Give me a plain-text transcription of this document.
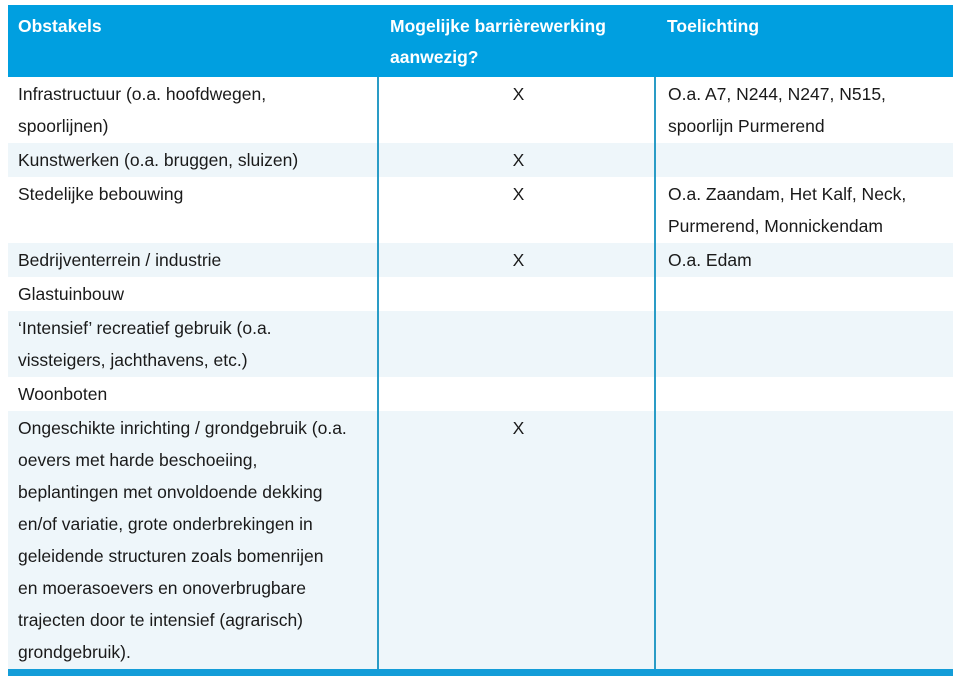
Obstakels	Mogelijke barrièrewerking aanwezig?	Toelichting
Infrastructuur (o.a. hoofdwegen, spoorlijnen)	X	O.a. A7, N244, N247, N515, spoorlijn Purmerend
Kunstwerken (o.a. bruggen, sluizen)	X	
Stedelijke bebouwing	X	O.a. Zaandam, Het Kalf, Neck, Purmerend, Monnickendam
Bedrijventerrein / industrie	X	O.a. Edam
Glastuinbouw		
‘Intensief’ recreatief gebruik (o.a. vissteigers, jachthavens, etc.)		
Woonboten		
Ongeschikte inrichting / grondgebruik (o.a. oevers met harde beschoeiing, beplantingen met onvoldoende dekking en/of variatie, grote onderbrekingen in geleidende structuren zoals bomenrijen en moerasoevers en onoverbrugbare trajecten door te intensief (agrarisch) grondgebruik).	X	
